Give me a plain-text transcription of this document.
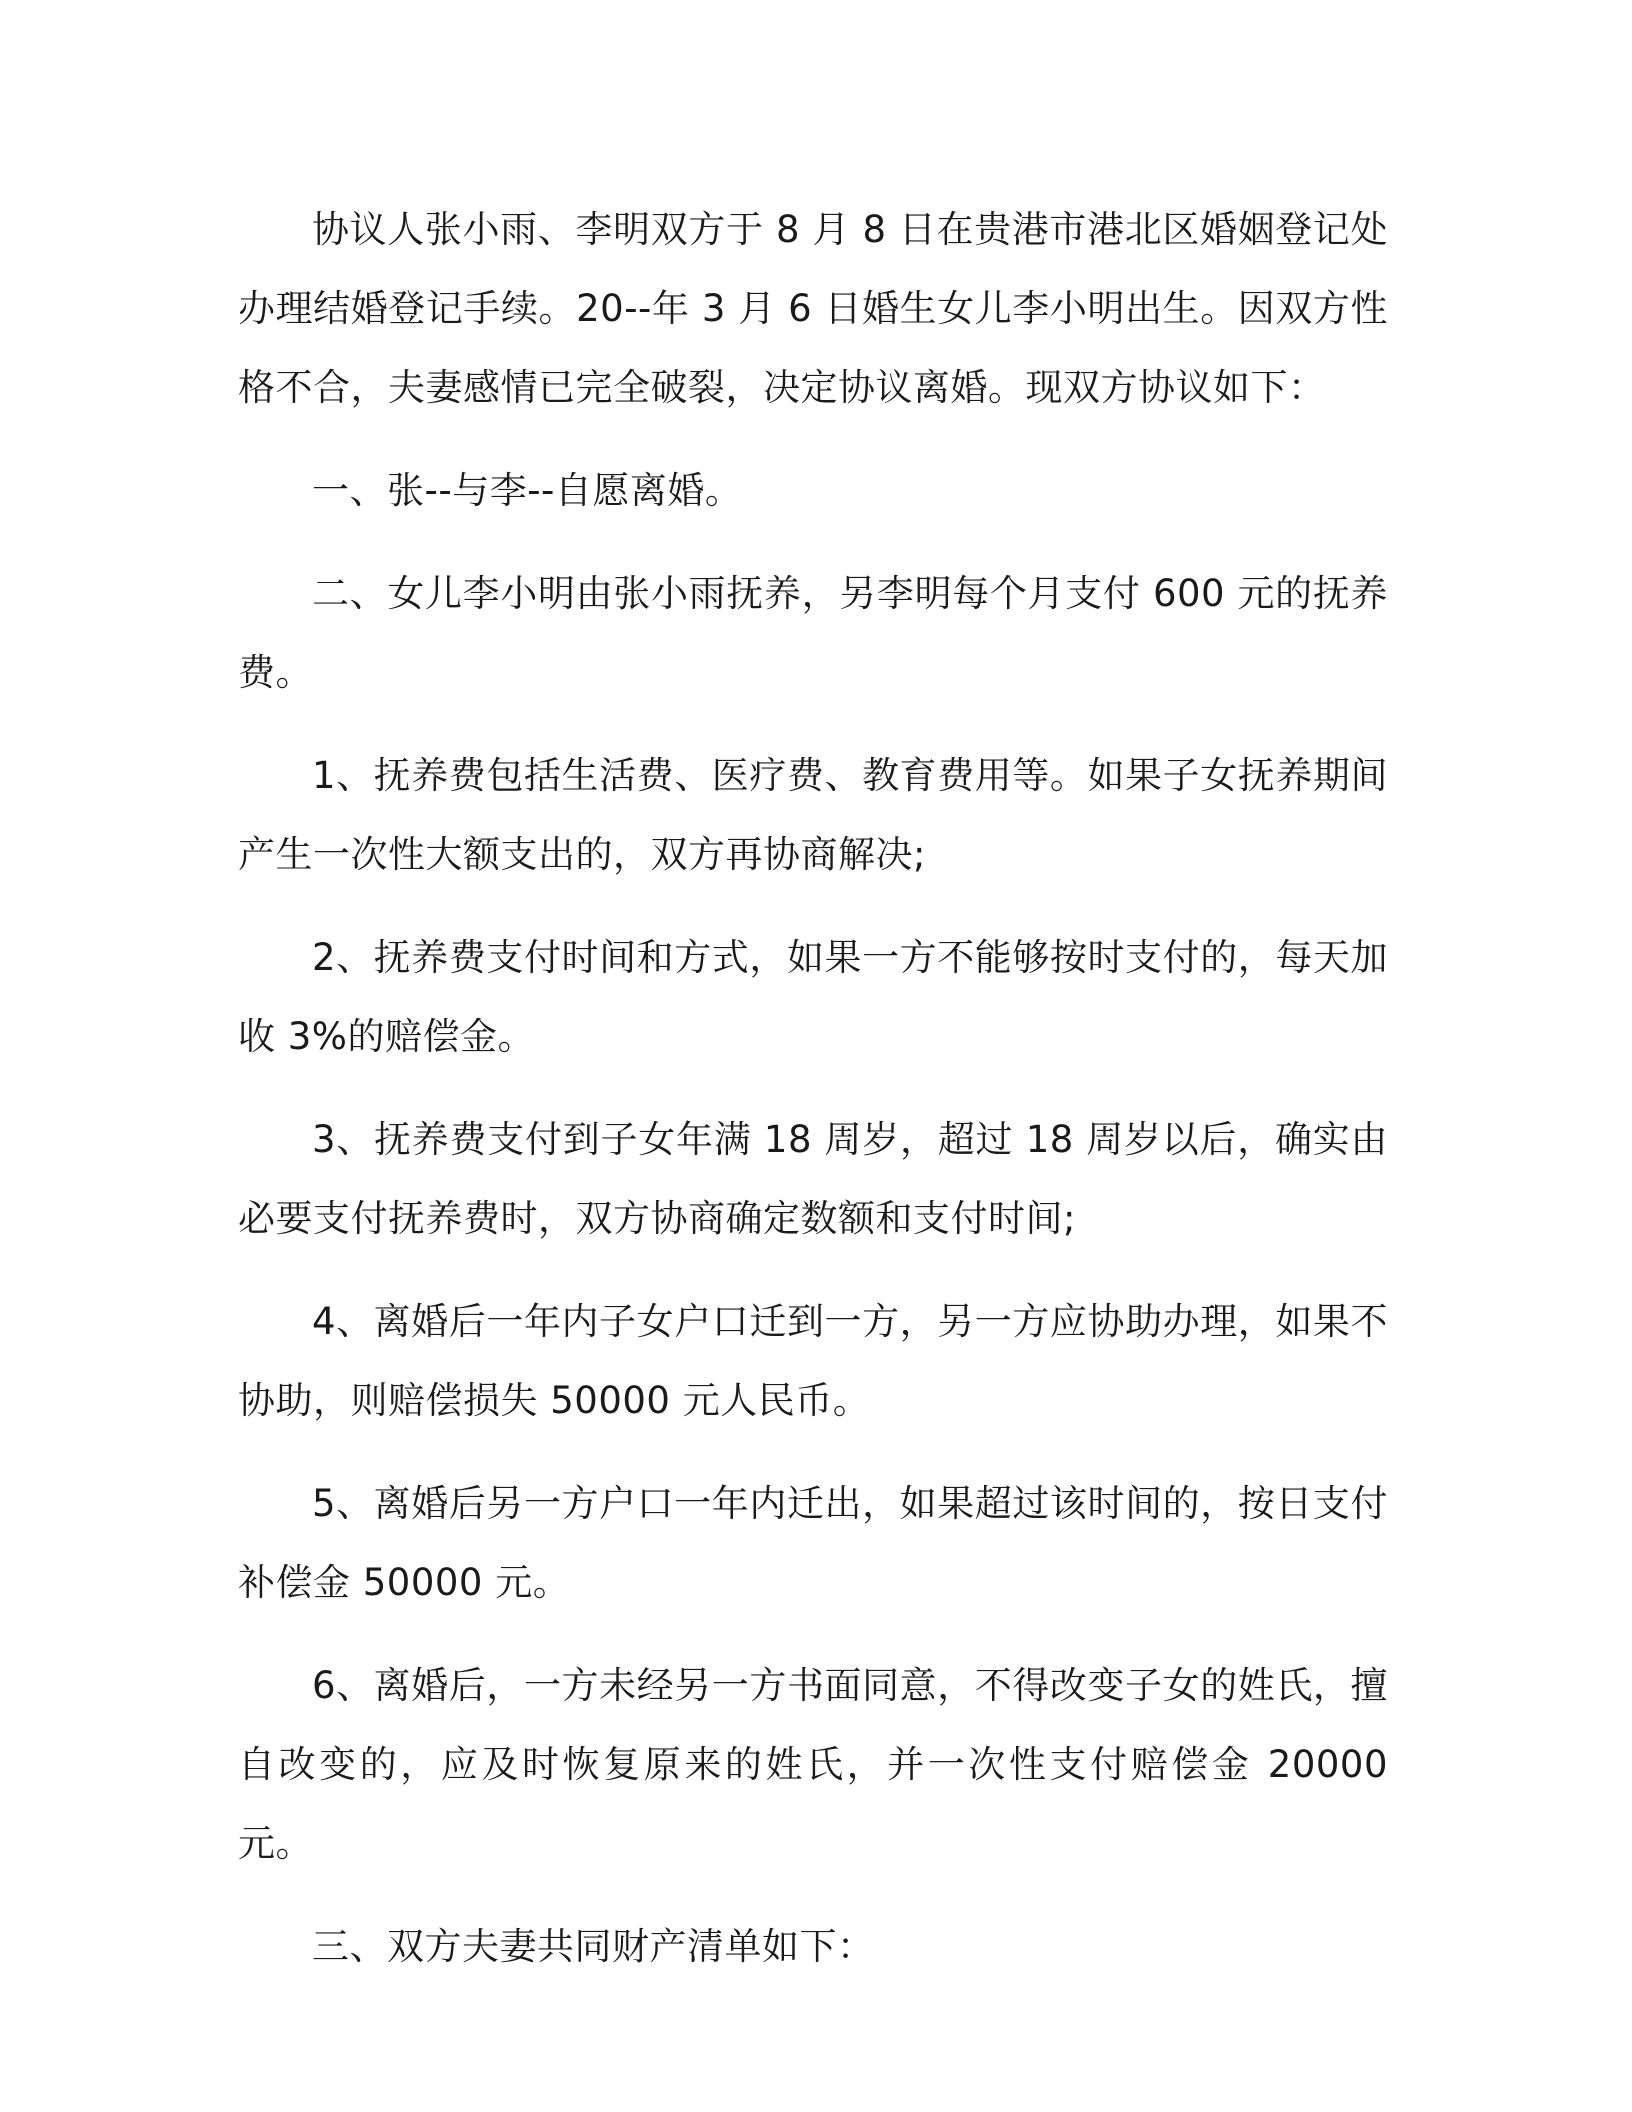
协议人张小雨、李明双方于 8 月 8 日在贵港市港北区婚姻登记处办理结婚登记手续。20--年 3 月 6 日婚生女儿李小明出生。因双方性格不合，夫妻感情已完全破裂，决定协议离婚。现双方协议如下：

一、张--与李--自愿离婚。

二、女儿李小明由张小雨抚养，另李明每个月支付 600 元的抚养费。

1、抚养费包括生活费、医疗费、教育费用等。如果子女抚养期间产生一次性大额支出的，双方再协商解决;

2、抚养费支付时间和方式，如果一方不能够按时支付的，每天加收 3%的赔偿金。

3、抚养费支付到子女年满 18 周岁，超过 18 周岁以后，确实由必要支付抚养费时，双方协商确定数额和支付时间;

4、离婚后一年内子女户口迁到一方，另一方应协助办理，如果不协助，则赔偿损失 50000 元人民币。

5、离婚后另一方户口一年内迁出，如果超过该时间的，按日支付补偿金 50000 元。

6、离婚后，一方未经另一方书面同意，不得改变子女的姓氏，擅自改变的，应及时恢复原来的姓氏，并一次性支付赔偿金 20000 元。

三、双方夫妻共同财产清单如下：
